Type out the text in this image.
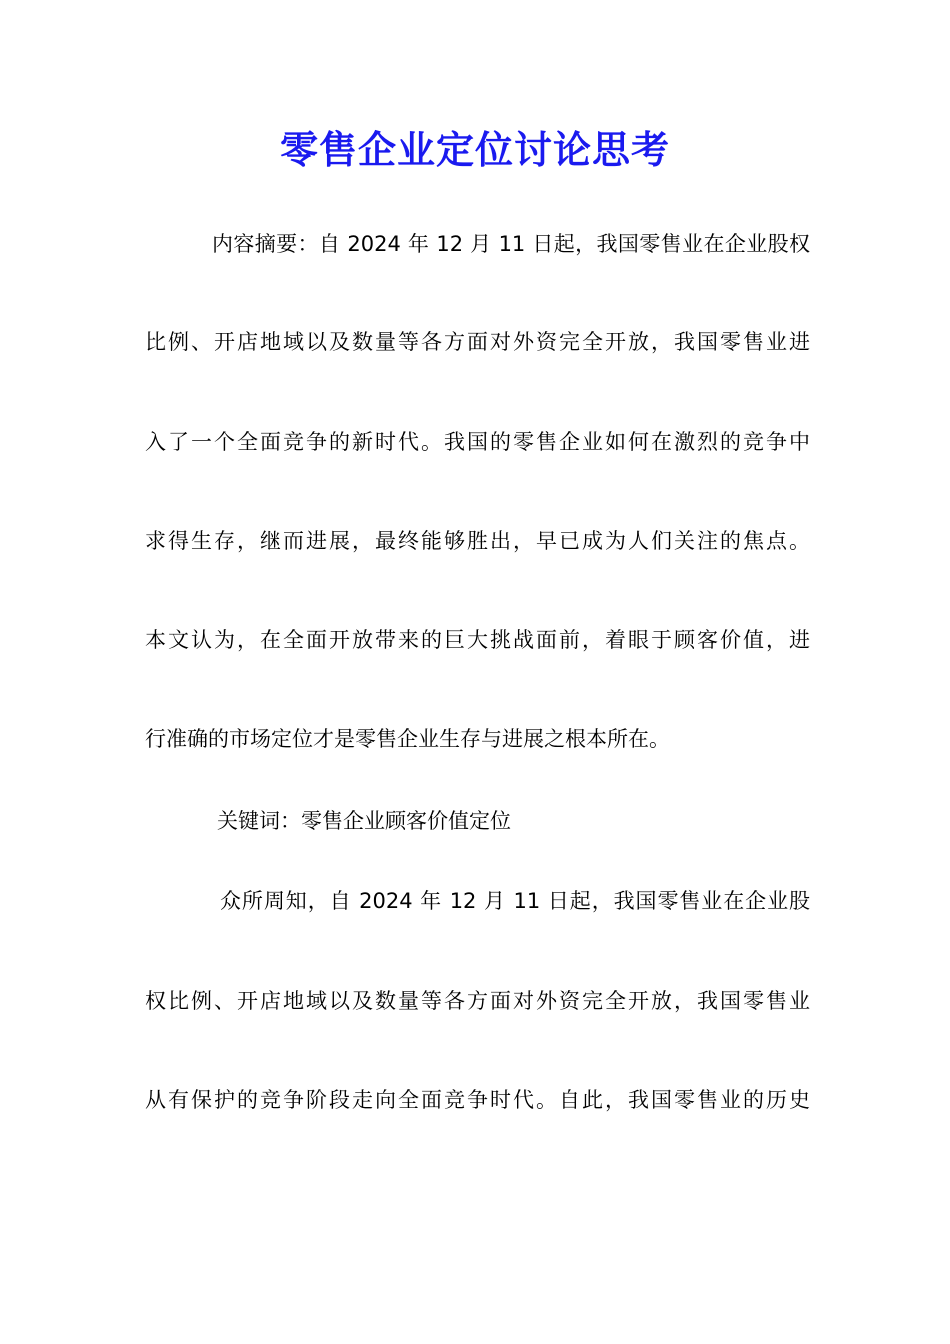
零售企业定位讨论思考
内容摘要：自 2024 年 12 月 11 日起，我国零售业在企业股权
比例、开店地域以及数量等各方面对外资完全开放，我国零售业进
入了一个全面竞争的新时代。我国的零售企业如何在激烈的竞争中
求得生存，继而进展，最终能够胜出，早已成为人们关注的焦点。
本文认为，在全面开放带来的巨大挑战面前，着眼于顾客价值，进
行准确的市场定位才是零售企业生存与进展之根本所在。
关键词：零售企业顾客价值定位
众所周知，自 2024 年 12 月 11 日起，我国零售业在企业股
权比例、开店地域以及数量等各方面对外资完全开放，我国零售业
从有保护的竞争阶段走向全面竞争时代。自此，我国零售业的历史
